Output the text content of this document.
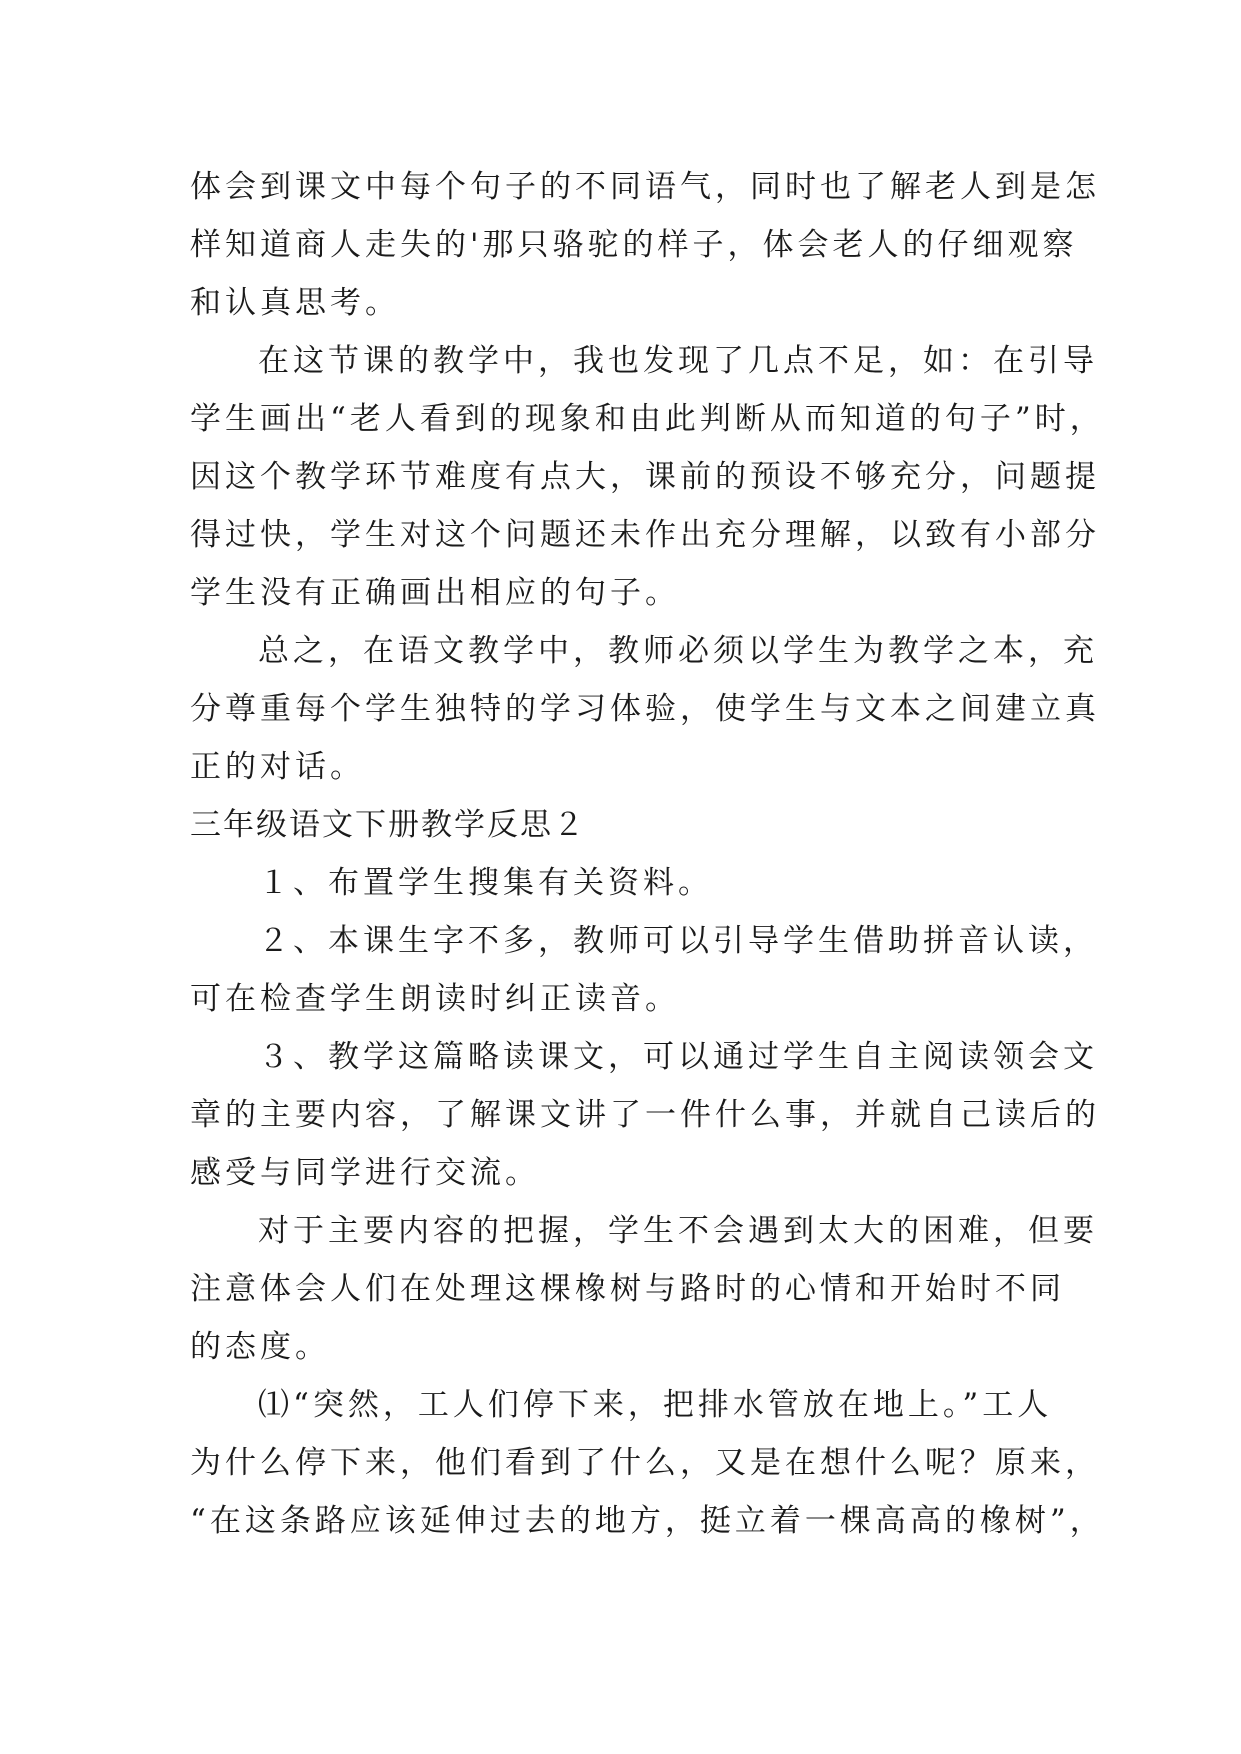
体会到课文中每个句子的不同语气，同时也了解老人到是怎
样知道商人走失的'那只骆驼的样子，体会老人的仔细观察
和认真思考。
在这节课的教学中，我也发现了几点不足，如：在引导
学生画出“老人看到的现象和由此判断从而知道的句子”时，
因这个教学环节难度有点大，课前的预设不够充分，问题提
得过快，学生对这个问题还未作出充分理解，以致有小部分
学生没有正确画出相应的句子。
总之，在语文教学中，教师必须以学生为教学之本，充
分尊重每个学生独特的学习体验，使学生与文本之间建立真
正的对话。
三年级语文下册教学反思２
１、布置学生搜集有关资料。
２、本课生字不多，教师可以引导学生借助拼音认读，
可在检查学生朗读时纠正读音。
３、教学这篇略读课文，可以通过学生自主阅读领会文
章的主要内容，了解课文讲了一件什么事，并就自己读后的
感受与同学进行交流。
对于主要内容的把握，学生不会遇到太大的困难，但要
注意体会人们在处理这棵橡树与路时的心情和开始时不同
的态度。
⑴“突然，工人们停下来，把排水管放在地上。”工人
为什么停下来，他们看到了什么，又是在想什么呢？原来，
“在这条路应该延伸过去的地方，挺立着一棵高高的橡树”，
